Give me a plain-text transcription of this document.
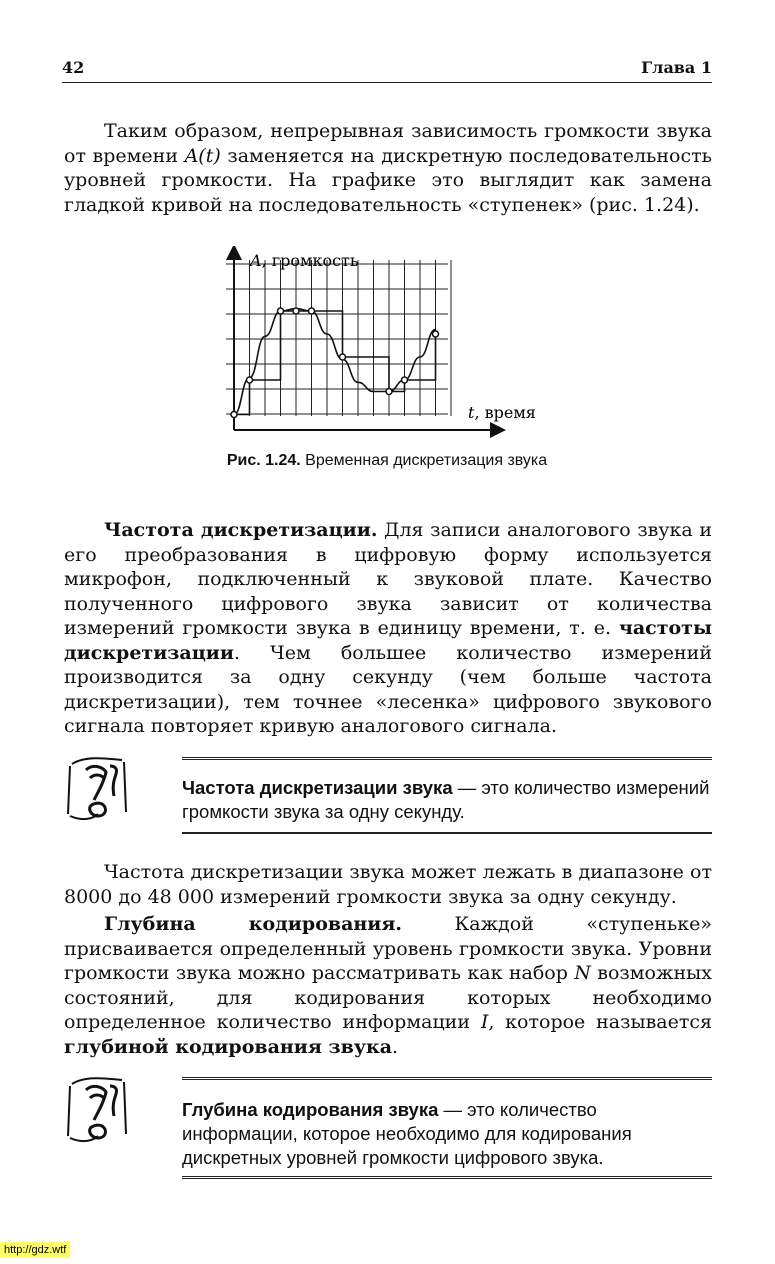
42	Глава 1

Таким образом, непрерывная зависимость громкости звука от времени A(t) заменяется на дискретную последовательность уровней громкости. На графике это выглядит как замена гладкой кривой на последовательность «ступенек» (рис. 1.24).

A, громкость
t, время
Рис. 1.24. Временная дискретизация звука

Частота дискретизации. Для записи аналогового звука и его преобразования в цифровую форму используется микрофон, подключенный к звуковой плате. Качество полученного цифрового звука зависит от количества измерений громкости звука в единицу времени, т. е. частоты дискретизации. Чем большее количество измерений производится за одну секунду (чем больше частота дискретизации), тем точнее «лесенка» цифрового звукового сигнала повторяет кривую аналогового сигнала.

Частота дискретизации звука — это количество измерений громкости звука за одну секунду.

Частота дискретизации звука может лежать в диапазоне от 8000 до 48 000 измерений громкости звука за одну секунду.

Глубина кодирования. Каждой «ступеньке» присваивается определенный уровень громкости звука. Уровни громкости звука можно рассматривать как набор N возможных состояний, для кодирования которых необходимо определенное количество информации I, которое называется глубиной кодирования звука.

Глубина кодирования звука — это количество информации, которое необходимо для кодирования дискретных уровней громкости цифрового звука.

http://gdz.wtf
